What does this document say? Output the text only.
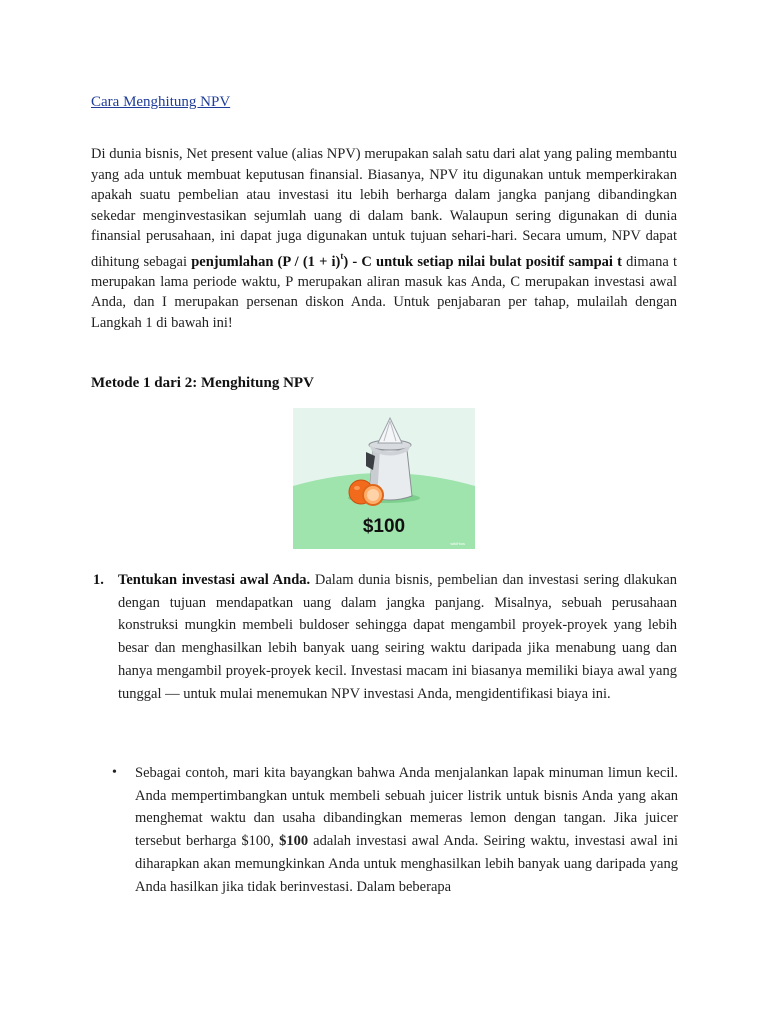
Cara Menghitung NPV

Di dunia bisnis, Net present value (alias NPV) merupakan salah satu dari alat yang paling membantu yang ada untuk membuat keputusan finansial. Biasanya, NPV itu digunakan untuk memperkirakan apakah suatu pembelian atau investasi itu lebih berharga dalam jangka panjang dibandingkan sekedar menginvestasikan sejumlah uang di dalam bank. Walaupun sering digunakan di dunia finansial perusahaan, ini dapat juga digunakan untuk tujuan sehari-hari. Secara umum, NPV dapat dihitung sebagai penjumlahan $(P / (1 + i)^t) - C$ untuk setiap nilai bulat positif sampai t dimana t merupakan lama periode waktu, P merupakan aliran masuk kas Anda, C merupakan investasi awal Anda, dan I merupakan persenan diskon Anda. Untuk penjabaran per tahap, mulailah dengan Langkah 1 di bawah ini!

Metode 1 dari 2: Menghitung NPV
$100
wikiHow
1. Tentukan investasi awal Anda. Dalam dunia bisnis, pembelian dan investasi sering dlakukan dengan tujuan mendapatkan uang dalam jangka panjang. Misalnya, sebuah perusahaan konstruksi mungkin membeli buldoser sehingga dapat mengambil proyek-proyek yang lebih besar dan menghasilkan lebih banyak uang seiring waktu daripada jika menabung uang dan hanya mengambil proyek-proyek kecil. Investasi macam ini biasanya memiliki biaya awal yang tunggal — untuk mulai menemukan NPV investasi Anda, mengidentifikasi biaya ini.
• Sebagai contoh, mari kita bayangkan bahwa Anda menjalankan lapak minuman limun kecil. Anda mempertimbangkan untuk membeli sebuah juicer listrik untuk bisnis Anda yang akan menghemat waktu dan usaha dibandingkan memeras lemon dengan tangan. Jika juicer tersebut berharga $100, $100 adalah investasi awal Anda. Seiring waktu, investasi awal ini diharapkan akan memungkinkan Anda untuk menghasilkan lebih banyak uang daripada yang Anda hasilkan jika tidak berinvestasi. Dalam beberapa
